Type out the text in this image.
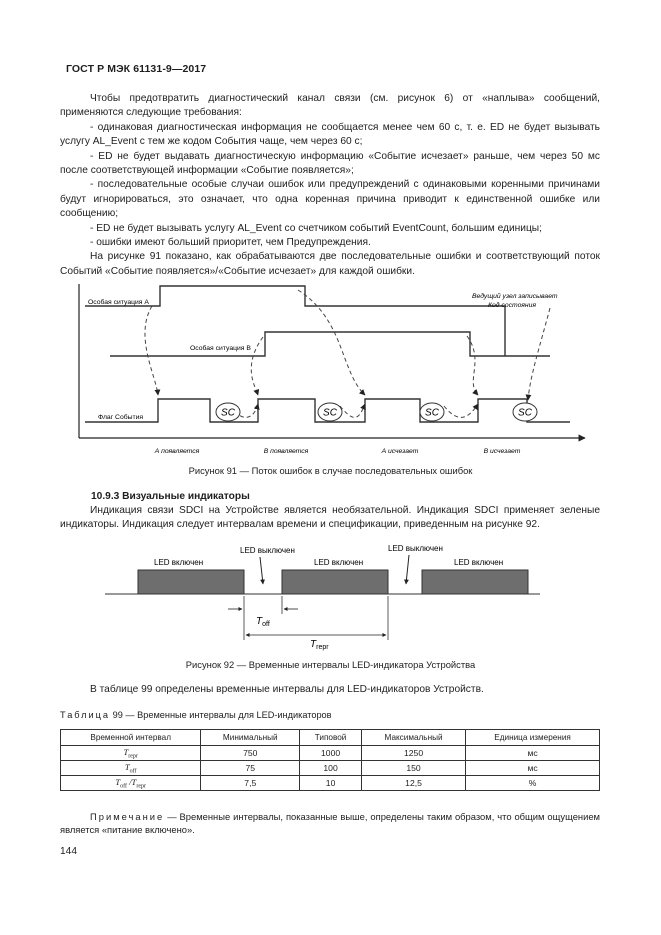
ГОСТ Р МЭК 61131-9—2017

Чтобы предотвратить диагностический канал связи (см. рисунок 6) от «наплыва» сообщений, применяются следующие требования:

- одинаковая диагностическая информация не сообщается менее чем 60 с, т. е. ED не будет вызывать услугу AL_Event с тем же кодом События чаще, чем через 60 с;

- ED не будет выдавать диагностическую информацию «Событие исчезает» раньше, чем через 50 мс после соответствующей информации «Событие появляется»;

- последовательные особые случаи ошибок или предупреждений с одинаковыми коренными причинами будут игнорироваться, это означает, что одна коренная причина приводит к единственной ошибке или сообщению;

- ED не будет вызывать услугу AL_Event со счетчиком событий EventCount, большим единицы;

- ошибки имеют больший приоритет, чем Предупреждения.

На рисунке 91 показано, как обрабатываются две последовательные ошибки и соответствующий поток Событий «Событие появляется»/«Событие исчезает» для каждой ошибки.

SC	SC	SC	SC
Особая ситуация А
Особая ситуация В
Флаг События
Ведущий узел записывает
Код состояния
А появляется	В появляется	А исчезает	В исчезает
Рисунок 91 — Поток ошибок в случае последовательных ошибок
10.9.3 Визуальные индикаторы

Индикация связи SDCI на Устройстве является необязательной. Индикация SDCI применяет зеленые индикаторы. Индикация следует интервалам времени и спецификации, приведенным на рисунке 92.

LED включен	LED включен	LED включен
LED выключен	LED выключен
$T_{off}$
$T_{repr}$
Рисунок 92 — Временные интервалы LED-индикатора Устройства

В таблице 99 определены временные интервалы для LED-индикаторов Устройств.

Таблица 99 — Временные интервалы для LED-индикаторов
Временной интервал	Минимальный	Типовой	Максимальный	Единица измерения
$T_{repr}$	750	1000	1250	мс
$T_{off}$	75	100	150	мс
$T_{off}$ $/T_{repr}$	7,5	10	12,5	%
Примечание — Временные интервалы, показанные выше, определены таким образом, что общим ощущением является «питание включено».
144
